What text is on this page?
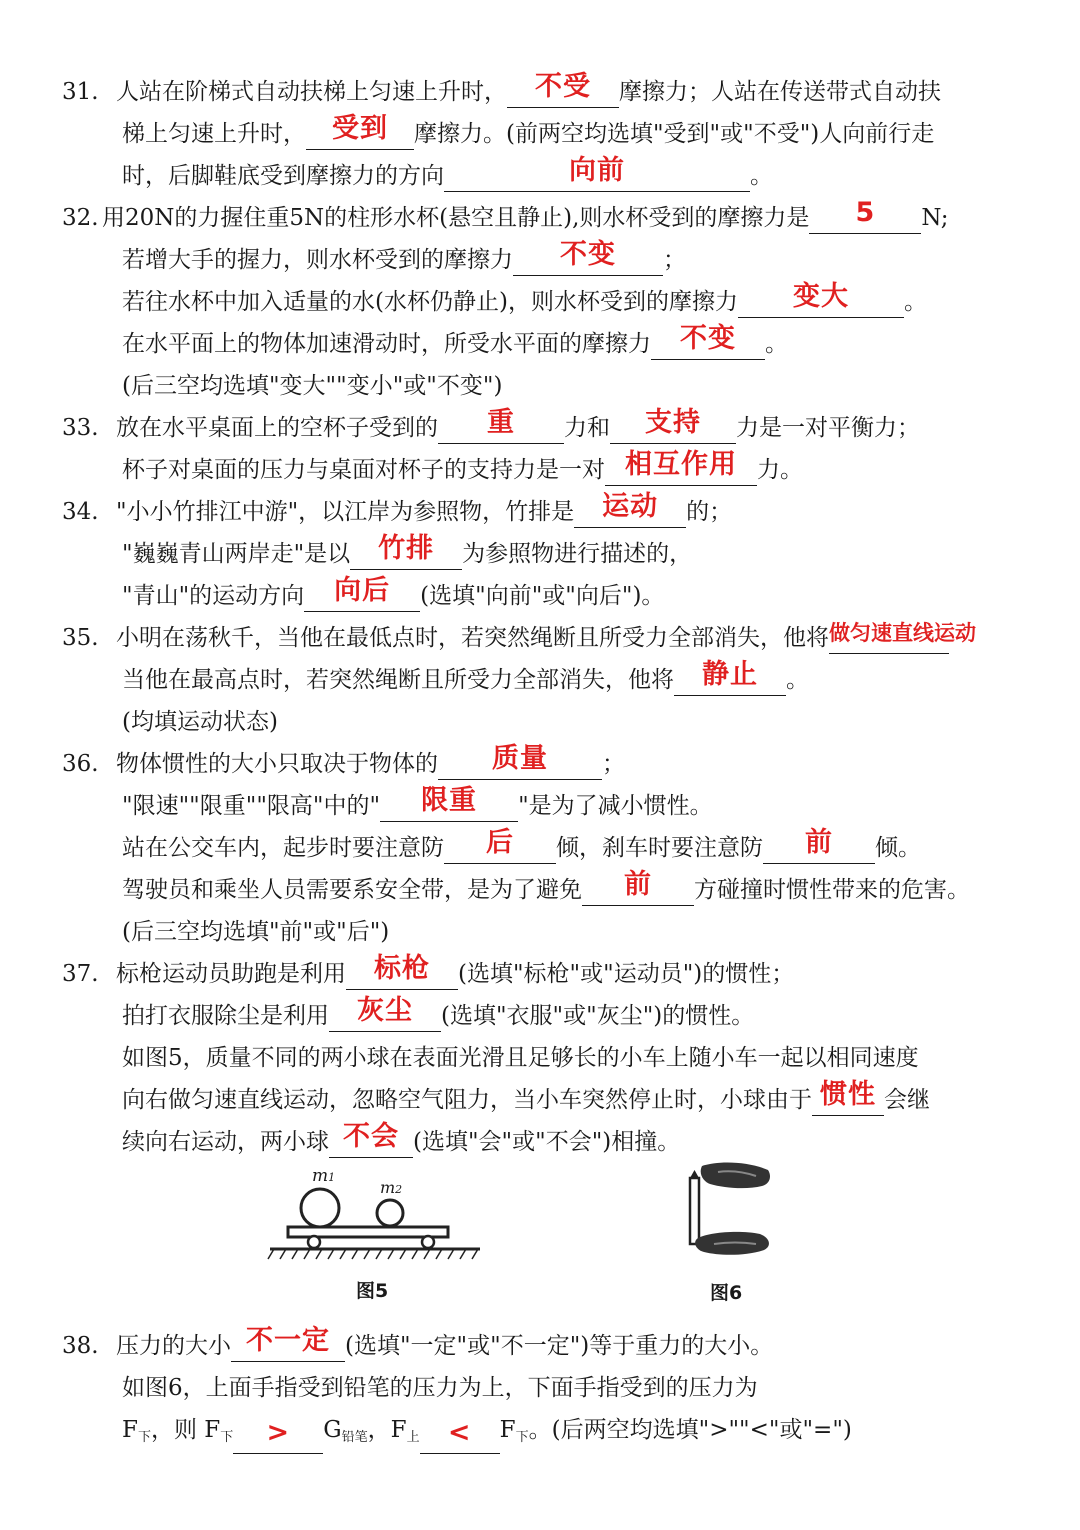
31. 人站在阶梯式自动扶梯上匀速上升时，	不受	摩擦力；人站在传送带式自动扶
梯上匀速上升时， 受到	摩擦力。(前两空均选填"受到"或"不受")人向前行走
时，后脚鞋底受到摩擦力的方向	向前	。
32. 用20N的力握住重5N的柱形水杯(悬空且静止),则水杯受到的摩擦力是	5	N;
若增大手的握力，则水杯受到的摩擦力	不变	；
若往水杯中加入适量的水(水杯仍静止)，则水杯受到的摩擦力	变大	。
在水平面上的物体加速滑动时，所受水平面的摩擦力	不变	。
(后三空均选填"变大""变小"或"不变")
33. 放在水平桌面上的空杯子受到的	重	力和	支持	力是一对平衡力；
杯子对桌面的压力与桌面对杯子的支持力是一对 相互作用 力。
34. "小小竹排江中游"，以江岸为参照物，竹排是	运动	的；
"巍巍青山两岸走"是以	竹排	为参照物进行描述的，
"青山"的运动方向	向后	(选填"向前"或"向后")。
35. 小明在荡秋千，当他在最低点时，若突然绳断且所受力全部消失，他将 做匀速直线运动
当他在最高点时，若突然绳断且所受力全部消失，他将	静止	。
(均填运动状态)
36. 物体惯性的大小只取决于物体的	质量	；
"限速""限重""限高"中的"	限重	"是为了减小惯性。
站在公交车内，起步时要注意防	后	倾，刹车时要注意防	前	倾。
驾驶员和乘坐人员需要系安全带，是为了避免	前	方碰撞时惯性带来的危害。
(后三空均选填"前"或"后")
37. 标枪运动员助跑是利用	标枪	(选填"标枪"或"运动员")的惯性；
拍打衣服除尘是利用	灰尘	(选填"衣服"或"灰尘")的惯性。
如图5，质量不同的两小球在表面光滑且足够长的小车上随小车一起以相同速度
向右做匀速直线运动，忽略空气阻力，当小车突然停止时，小球由于 惯性 会继
续向右运动，两小球 不会 (选填"会"或"不会")相撞。
m1
m2
图5	图6
38. 压力的大小 不一定 (选填"一定"或"不一定")等于重力的大小。
如图6，上面手指受到铅笔的压力为上，下面手指受到的压力为
$F_下$，则 $F_下$	>	$G_{铅笔}$，$F_上$	<	$F_下$。(后两空均选填">""<"或"=")
